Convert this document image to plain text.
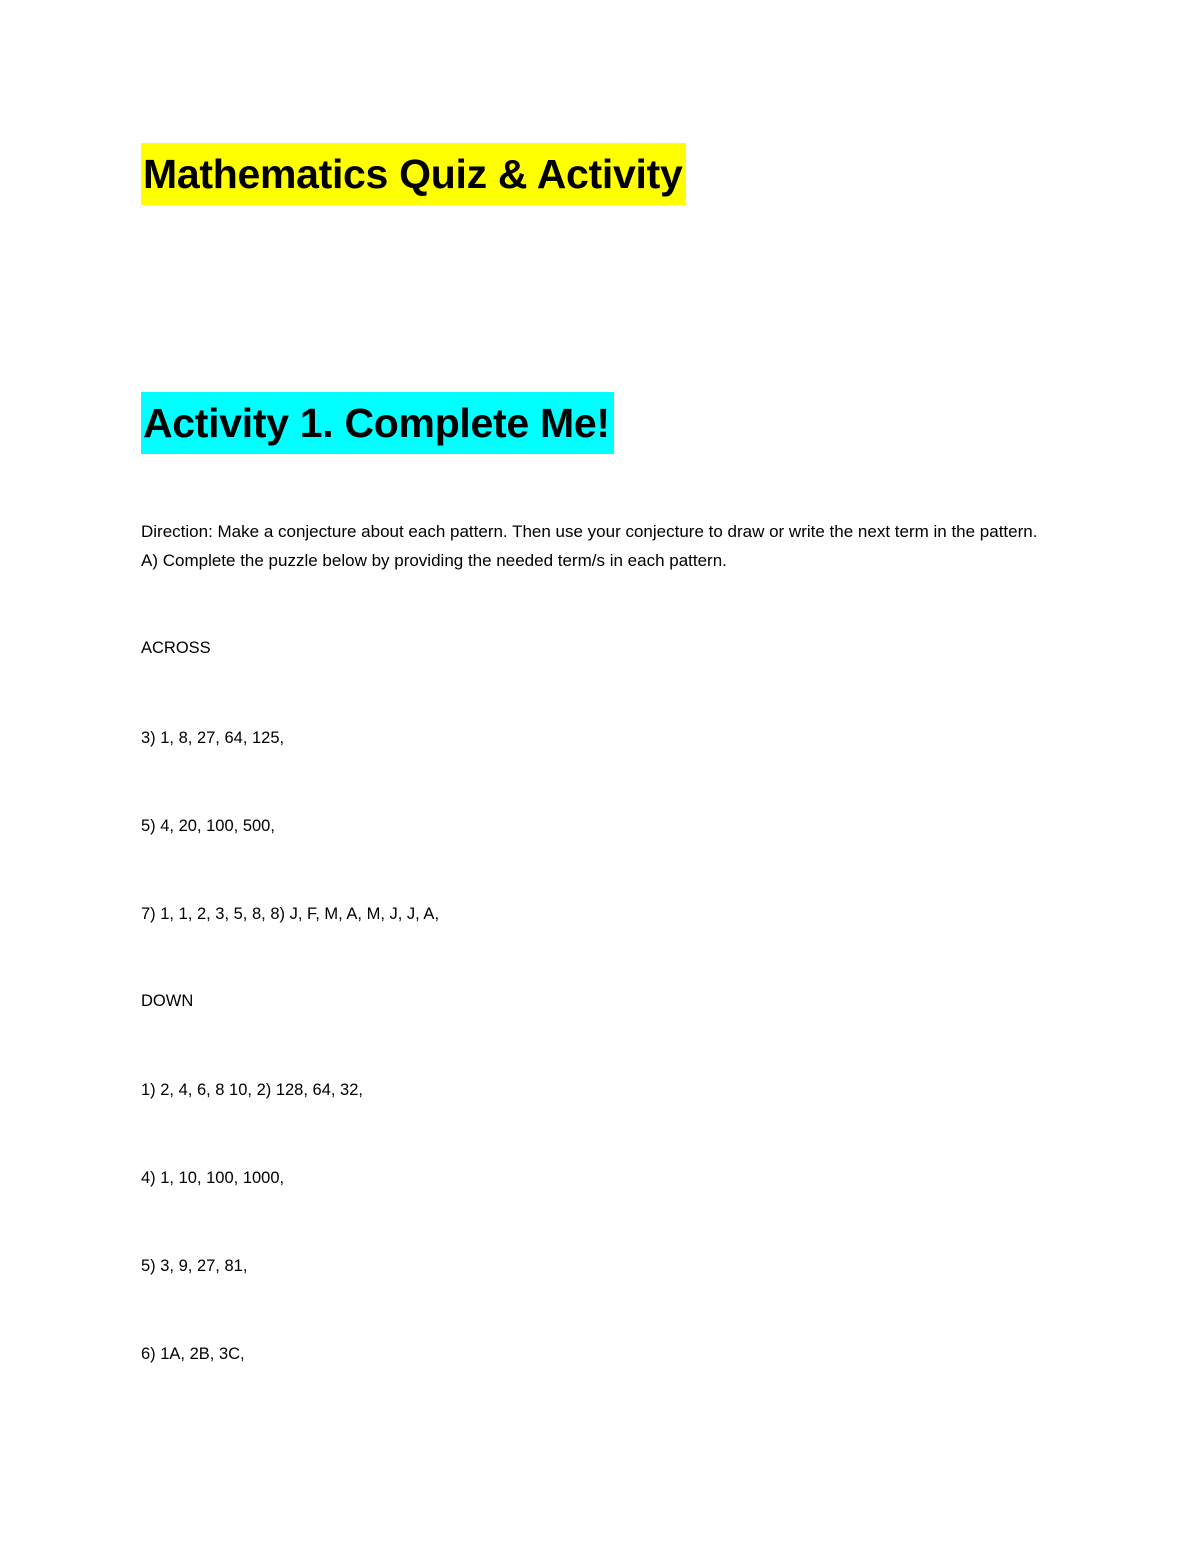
Mathematics Quiz & Activity
Activity 1. Complete Me!
Direction: Make a conjecture about each pattern. Then use your conjecture to draw or write the next term in the pattern. A) Complete the puzzle below by providing the needed term/s in each pattern.
ACROSS
3) 1, 8, 27, 64, 125,
5) 4, 20, 100, 500,
7) 1, 1, 2, 3, 5, 8, 8) J, F, M, A, M, J, J, A,
DOWN
1) 2, 4, 6, 8 10, 2) 128, 64, 32,
4) 1, 10, 100, 1000,
5) 3, 9, 27, 81,
6) 1A, 2B, 3C,
